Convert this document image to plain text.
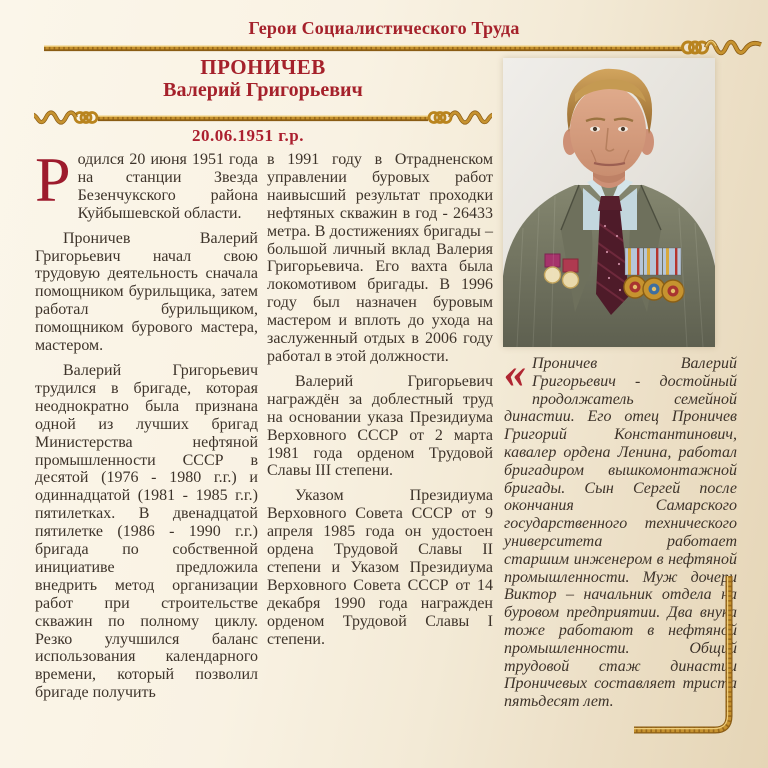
Герои Социалистического Труда
ПРОНИЧЕВ
Валерий Григорьевич
20.06.1951 г.р.

Родился 20 июня 1951 года на станции Звезда Безенчукского района Куйбышевской области.

Проничев Валерий Григорьевич начал свою трудовую деятельность сначала помощником бурильщика, затем работал бурильщиком, помощником бурового мастера, мастером.

Валерий Григорьевич трудился в бригаде, которая неоднократно была признана одной из лучших бригад Министерства нефтяной промышленности СССР в десятой (1976 - 1980 г.г.) и одиннадцатой (1981 - 1985 г.г.) пятилетках. В двенадцатой пятилетке (1986 - 1990 г.г.) бригада по собственной инициативе предложила внедрить метод организации работ при строительстве скважин по полному циклу. Резко улучшился баланс использования календарного времени, который позволил бригаде получить

в 1991 году в Отрадненском управлении буровых работ наивысший результат проходки нефтяных скважин в год - 26433 метра. В достижениях бригады – большой личный вклад Валерия Григорьевича. Его вахта была локомотивом бригады. В 1996 году был назначен буровым мастером и вплоть до ухода на заслуженный отдых в 2006 году работал в этой должности.

Валерий Григорьевич награждён за доблестный труд на основании указа Президиума Верховного СССР от 2 марта 1981 года орденом Трудовой Славы III степени.

Указом Президиума Верховного Совета СССР от 9 апреля 1985 года он удостоен ордена Трудовой Славы II степени и Указом Президиума Верховного Совета СССР от 14 декабря 1990 года награжден орденом Трудовой Славы I степени.

« Проничев Валерий Григорьевич - достойный продолжатель семейной династии. Его отец Проничев Григорий Константинович, кавалер ордена Ленина, работал бригадиром вышкомонтажной бригады. Сын Сергей после окончания Самарского государственного технического университета работает старшим инженером в нефтяной промышленности. Муж дочери Виктор – начальник отдела на буровом предприятии. Два внука тоже работают в нефтяной промышленности. Общий трудовой стаж династии Проничевых составляет триста пятьдесят лет.
